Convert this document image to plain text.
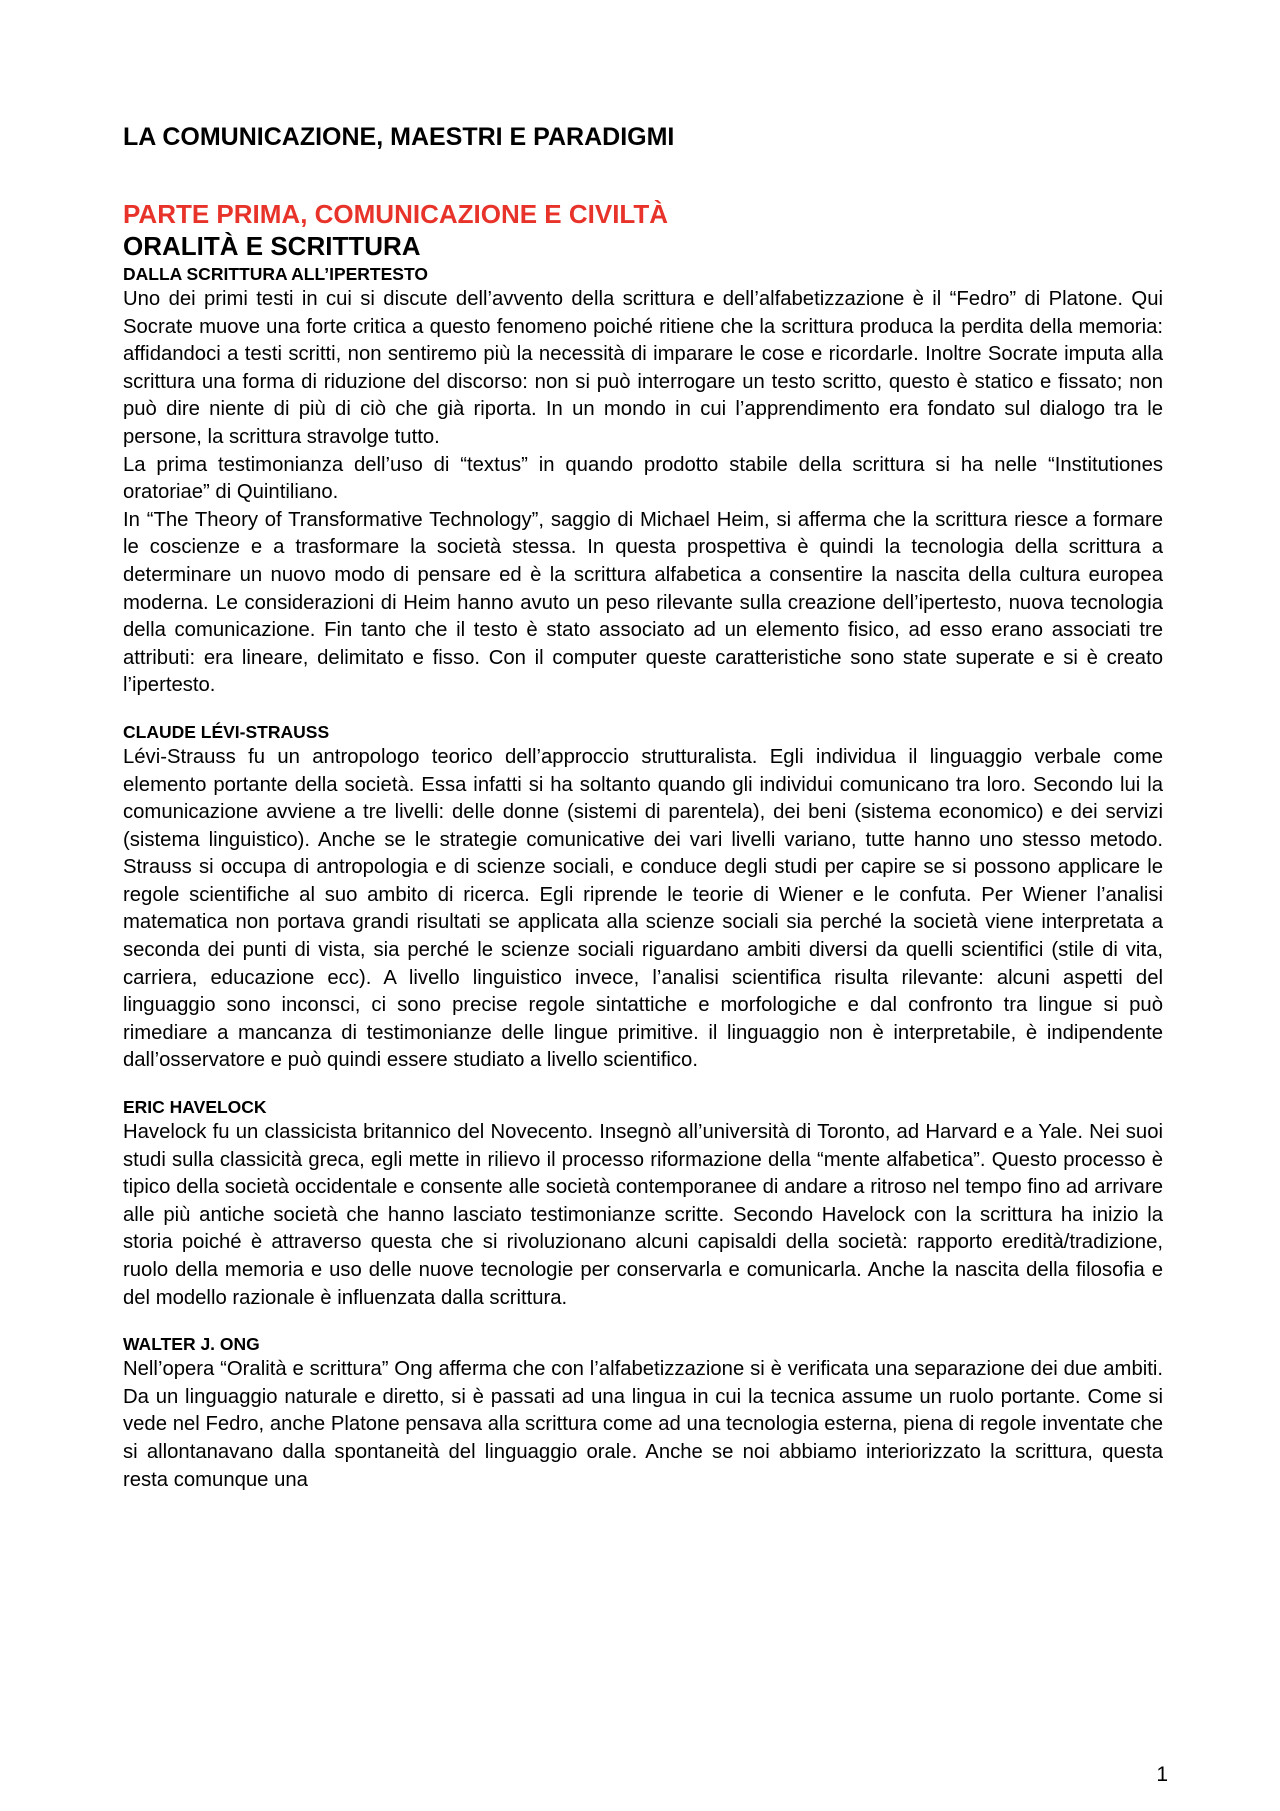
LA COMUNICAZIONE, MAESTRI E PARADIGMI
PARTE PRIMA, COMUNICAZIONE E CIVILTÀ
ORALITÀ E SCRITTURA
DALLA SCRITTURA ALL’IPERTESTO

Uno dei primi testi in cui si discute dell’avvento della scrittura e dell’alfabetizzazione è il “Fedro” di Platone. Qui Socrate muove una forte critica a questo fenomeno poiché ritiene che la scrittura produca la perdita della memoria: affidandoci a testi scritti, non sentiremo più la necessità di imparare le cose e ricordarle. Inoltre Socrate imputa alla scrittura una forma di riduzione del discorso: non si può interrogare un testo scritto, questo è statico e fissato; non può dire niente di più di ciò che già riporta. In un mondo in cui l’apprendimento era fondato sul dialogo tra le persone, la scrittura stravolge tutto.

La prima testimonianza dell’uso di “textus” in quando prodotto stabile della scrittura si ha nelle “Institutiones oratoriae” di Quintiliano.

In “The Theory of Transformative Technology”, saggio di Michael Heim, si afferma che la scrittura riesce a formare le coscienze e a trasformare la società stessa. In questa prospettiva è quindi la tecnologia della scrittura a determinare un nuovo modo di pensare ed è la scrittura alfabetica a consentire la nascita della cultura europea moderna. Le considerazioni di Heim hanno avuto un peso rilevante sulla creazione dell’ipertesto, nuova tecnologia della comunicazione. Fin tanto che il testo è stato associato ad un elemento fisico, ad esso erano associati tre attributi: era lineare, delimitato e fisso. Con il computer queste caratteristiche sono state superate e si è creato l’ipertesto.

CLAUDE LÉVI-STRAUSS

Lévi-Strauss fu un antropologo teorico dell’approccio strutturalista. Egli individua il linguaggio verbale come elemento portante della società. Essa infatti si ha soltanto quando gli individui comunicano tra loro. Secondo lui la comunicazione avviene a tre livelli: delle donne (sistemi di parentela), dei beni (sistema economico) e dei servizi (sistema linguistico). Anche se le strategie comunicative dei vari livelli variano, tutte hanno uno stesso metodo. Strauss si occupa di antropologia e di scienze sociali, e conduce degli studi per capire se si possono applicare le regole scientifiche al suo ambito di ricerca. Egli riprende le teorie di Wiener e le confuta. Per Wiener l’analisi matematica non portava grandi risultati se applicata alla scienze sociali sia perché la società viene interpretata a seconda dei punti di vista, sia perché le scienze sociali riguardano ambiti diversi da quelli scientifici (stile di vita, carriera, educazione ecc). A livello linguistico invece, l’analisi scientifica risulta rilevante: alcuni aspetti del linguaggio sono inconsci, ci sono precise regole sintattiche e morfologiche e dal confronto tra lingue si può rimediare a mancanza di testimonianze delle lingue primitive. il linguaggio non è interpretabile, è indipendente dall’osservatore e può quindi essere studiato a livello scientifico.

ERIC HAVELOCK

Havelock fu un classicista britannico del Novecento. Insegnò all’università di Toronto, ad Harvard e a Yale. Nei suoi studi sulla classicità greca, egli mette in rilievo il processo riformazione della “mente alfabetica”. Questo processo è tipico della società occidentale e consente alle società contemporanee di andare a ritroso nel tempo fino ad arrivare alle più antiche società che hanno lasciato testimonianze scritte. Secondo Havelock con la scrittura ha inizio la storia poiché è attraverso questa che si rivoluzionano alcuni capisaldi della società: rapporto eredità/tradizione, ruolo della memoria e uso delle nuove tecnologie per conservarla e comunicarla. Anche la nascita della filosofia e del modello razionale è influenzata dalla scrittura.

WALTER J. ONG

Nell’opera “Oralità e scrittura” Ong afferma che con l’alfabetizzazione si è verificata una separazione dei due ambiti. Da un linguaggio naturale e diretto, si è passati ad una lingua in cui la tecnica assume un ruolo portante. Come si vede nel Fedro, anche Platone pensava alla scrittura come ad una tecnologia esterna, piena di regole inventate che si allontanavano dalla spontaneità del linguaggio orale. Anche se noi abbiamo interiorizzato la scrittura, questa resta comunque una

1
